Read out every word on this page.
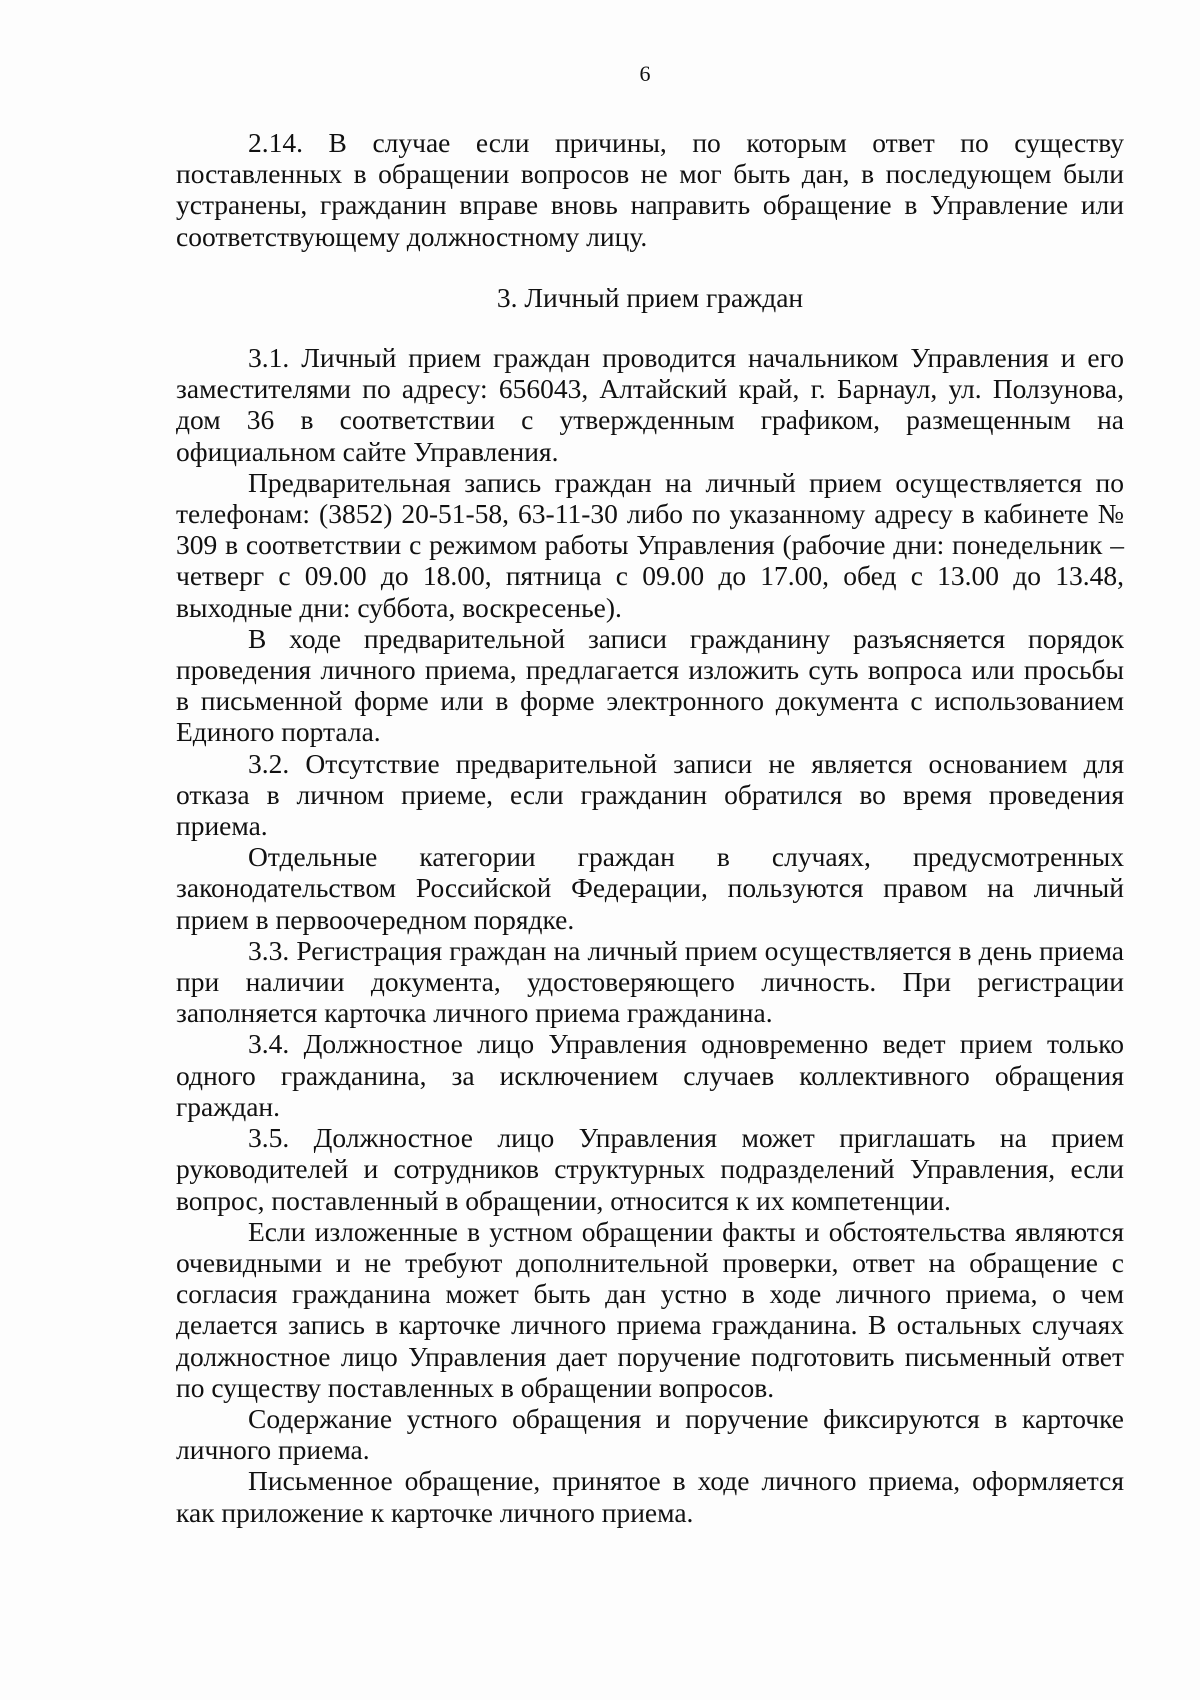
6

2.14. В случае если причины, по которым ответ по существу поставленных в обращении вопросов не мог быть дан, в последующем были устранены, гражданин вправе вновь направить обращение в Управление или соответствующему должностному лицу.

3. Личный прием граждан

3.1. Личный прием граждан проводится начальником Управления и его заместителями по адресу: 656043, Алтайский край, г. Барнаул, ул. Ползунова, дом 36 в соответствии с утвержденным графиком, размещенным на официальном сайте Управления.

Предварительная запись граждан на личный прием осуществляется по телефонам: (3852) 20-51-58, 63-11-30 либо по указанному адресу в кабинете № 309 в соответствии с режимом работы Управления (рабочие дни: понедельник – четверг с 09.00 до 18.00, пятница с 09.00 до 17.00, обед с 13.00 до 13.48, выходные дни: суббота, воскресенье).

В ходе предварительной записи гражданину разъясняется порядок проведения личного приема, предлагается изложить суть вопроса или просьбы в письменной форме или в форме электронного документа с использованием Единого портала.

3.2. Отсутствие предварительной записи не является основанием для отказа в личном приеме, если гражданин обратился во время проведения приема.

Отдельные категории граждан в случаях, предусмотренных законодательством Российской Федерации, пользуются правом на личный прием в первоочередном порядке.

3.3. Регистрация граждан на личный прием осуществляется в день приема при наличии документа, удостоверяющего личность. При регистрации заполняется карточка личного приема гражданина.

3.4. Должностное лицо Управления одновременно ведет прием только одного гражданина, за исключением случаев коллективного обращения граждан.

3.5. Должностное лицо Управления может приглашать на прием руководителей и сотрудников структурных подразделений Управления, если вопрос, поставленный в обращении, относится к их компетенции.

Если изложенные в устном обращении факты и обстоятельства являются очевидными и не требуют дополнительной проверки, ответ на обращение с согласия гражданина может быть дан устно в ходе личного приема, о чем делается запись в карточке личного приема гражданина. В остальных случаях должностное лицо Управления дает поручение подготовить письменный ответ по существу поставленных в обращении вопросов.

Содержание устного обращения и поручение фиксируются в карточке личного приема.

Письменное обращение, принятое в ходе личного приема, оформляется как приложение к карточке личного приема.
